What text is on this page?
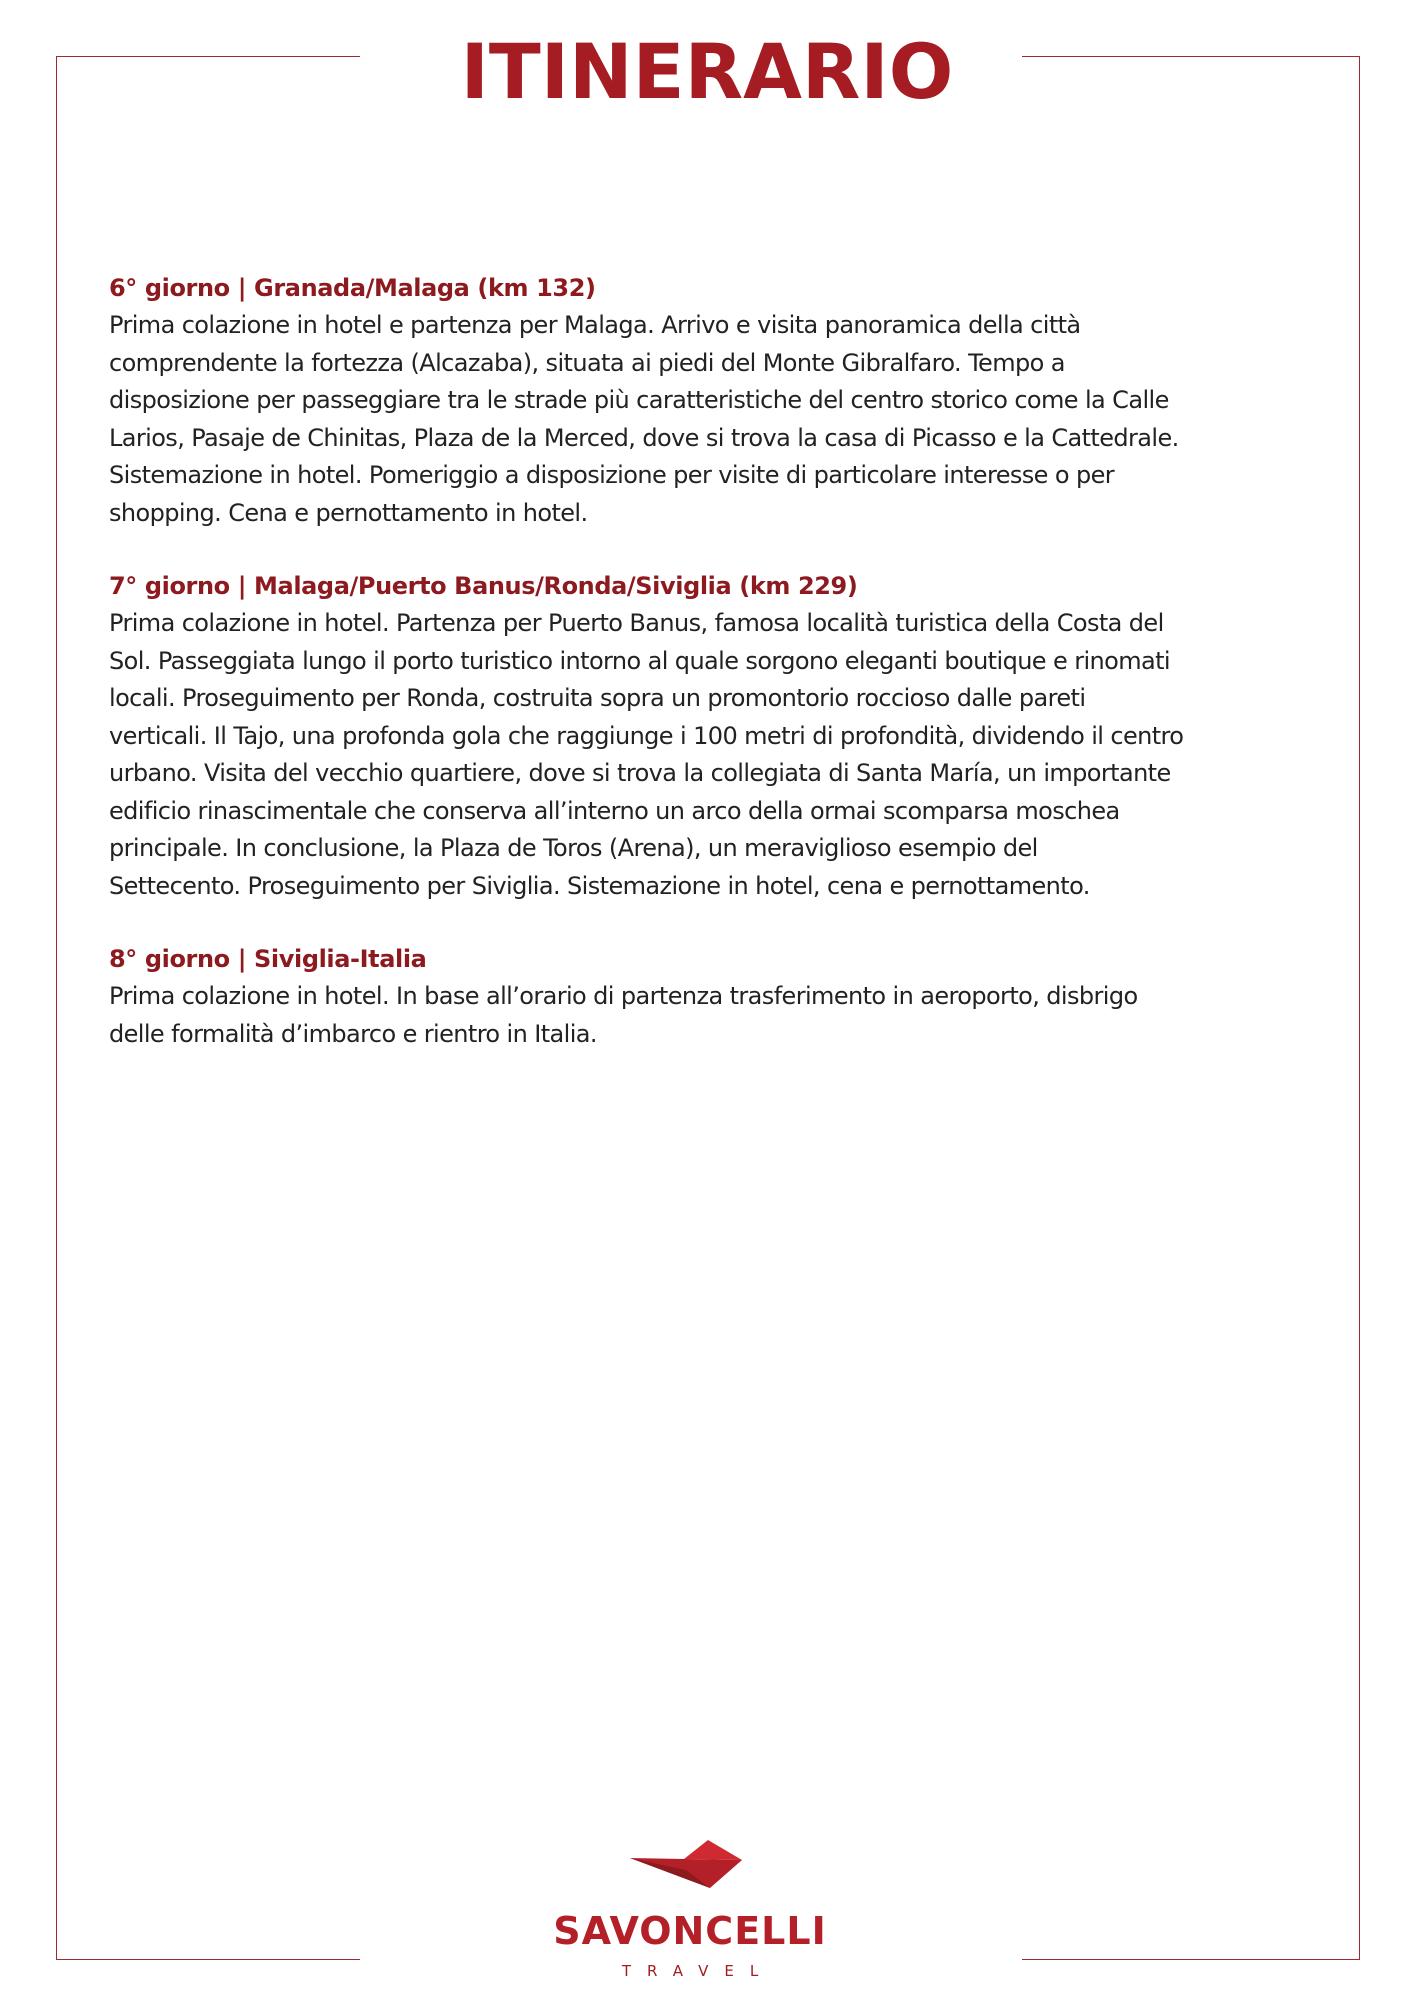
ITINERARIO
6° giorno | Granada/Malaga (km 132)

Prima colazione in hotel e partenza per Malaga. Arrivo e visita panoramica della città
comprendente la fortezza (Alcazaba), situata ai piedi del Monte Gibralfaro. Tempo a
disposizione per passeggiare tra le strade più caratteristiche del centro storico come la Calle
Larios, Pasaje de Chinitas, Plaza de la Merced, dove si trova la casa di Picasso e la Cattedrale.
Sistemazione in hotel. Pomeriggio a disposizione per visite di particolare interesse o per
shopping. Cena e pernottamento in hotel.

7° giorno | Malaga/Puerto Banus/Ronda/Siviglia (km 229)

Prima colazione in hotel. Partenza per Puerto Banus, famosa località turistica della Costa del
Sol. Passeggiata lungo il porto turistico intorno al quale sorgono eleganti boutique e rinomati
locali. Proseguimento per Ronda, costruita sopra un promontorio roccioso dalle pareti
verticali. Il Tajo, una profonda gola che raggiunge i 100 metri di profondità, dividendo il centro
urbano. Visita del vecchio quartiere, dove si trova la collegiata di Santa María, un importante
edificio rinascimentale che conserva all’interno un arco della ormai scomparsa moschea
principale. In conclusione, la Plaza de Toros (Arena), un meraviglioso esempio del
Settecento. Proseguimento per Siviglia. Sistemazione in hotel, cena e pernottamento.

8° giorno | Siviglia-Italia

Prima colazione in hotel. In base all’orario di partenza trasferimento in aeroporto, disbrigo
delle formalità d’imbarco e rientro in Italia.

SAVONCELLI
TRAVEL
